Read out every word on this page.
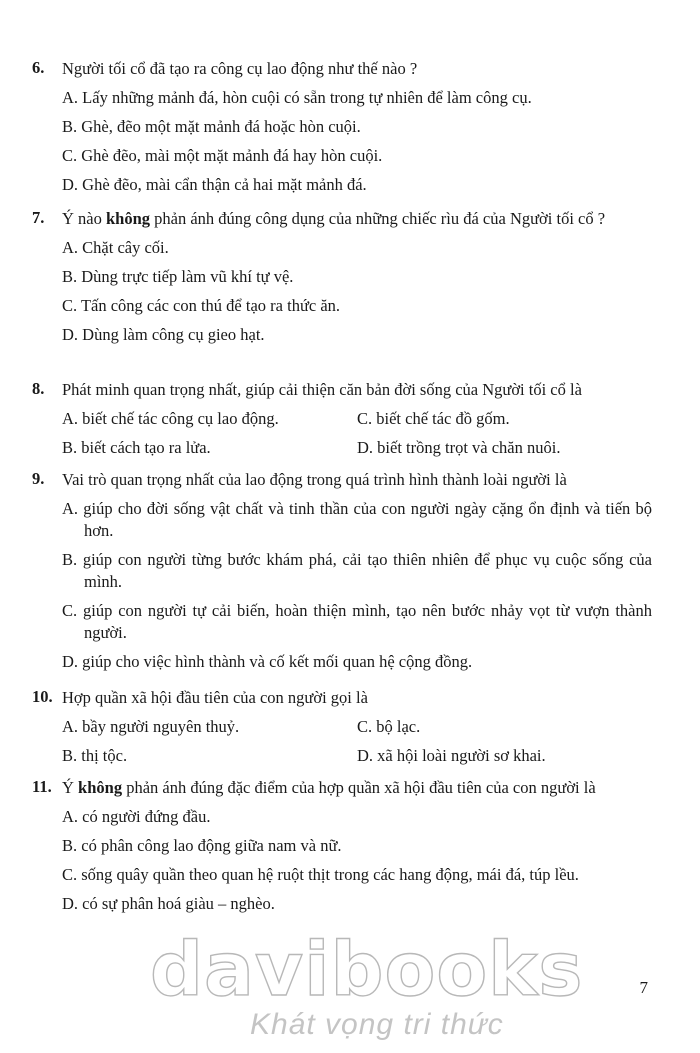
6. Người tối cổ đã tạo ra công cụ lao động như thế nào ?
A. Lấy những mảnh đá, hòn cuội có sẵn trong tự nhiên để làm công cụ.
B. Ghè, đẽo một mặt mảnh đá hoặc hòn cuội.
C. Ghè đẽo, mài một mặt mảnh đá hay hòn cuội.
D. Ghè đẽo, mài cẩn thận cả hai mặt mảnh đá.
7. Ý nào không phản ánh đúng công dụng của những chiếc rìu đá của Người tối cổ ?
A. Chặt cây cối.
B. Dùng trực tiếp làm vũ khí tự vệ.
C. Tấn công các con thú để tạo ra thức ăn.
D. Dùng làm công cụ gieo hạt.
8. Phát minh quan trọng nhất, giúp cải thiện căn bản đời sống của Người tối cổ là
A. biết chế tác công cụ lao động.	C. biết chế tác đồ gốm.
B. biết cách tạo ra lửa.	D. biết trồng trọt và chăn nuôi.
9. Vai trò quan trọng nhất của lao động trong quá trình hình thành loài người là
A. giúp cho đời sống vật chất và tinh thần của con người ngày cặng ổn định và tiến bộ hơn.
B. giúp con người từng bước khám phá, cải tạo thiên nhiên để phục vụ cuộc sống của mình.
C. giúp con người tự cải biến, hoàn thiện mình, tạo nên bước nhảy vọt từ vượn thành người.
D. giúp cho việc hình thành và cố kết mối quan hệ cộng đồng.
10. Hợp quần xã hội đầu tiên của con người gọi là
A. bầy người nguyên thuỷ.	C. bộ lạc.
B. thị tộc.	D. xã hội loài người sơ khai.
11. Ý không phản ánh đúng đặc điểm của hợp quần xã hội đầu tiên của con người là
A. có người đứng đầu.
B. có phân công lao động giữa nam và nữ.
C. sống quây quần theo quan hệ ruột thịt trong các hang động, mái đá, túp lều.
D. có sự phân hoá giàu – nghèo.
davibooks
Khát vọng tri thức
7
